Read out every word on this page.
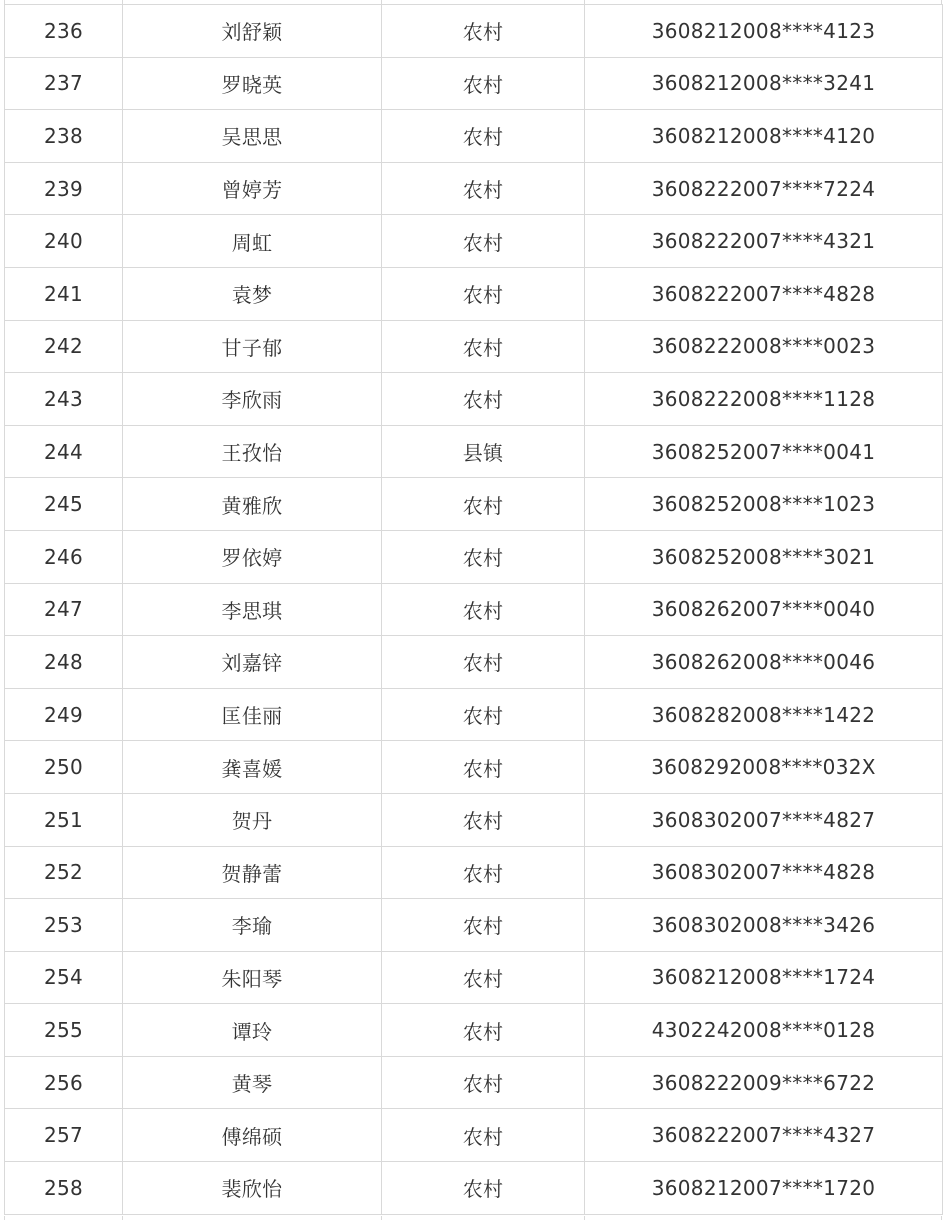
236	刘舒颖	农村	3608212008****4123
237	罗晓英	农村	3608212008****3241
238	吴思思	农村	3608212008****4120
239	曾婷芳	农村	3608222007****7224
240	周虹	农村	3608222007****4321
241	袁梦	农村	3608222007****4828
242	甘子郁	农村	3608222008****0023
243	李欣雨	农村	3608222008****1128
244	王孜怡	县镇	3608252007****0041
245	黄雅欣	农村	3608252008****1023
246	罗依婷	农村	3608252008****3021
247	李思琪	农村	3608262007****0040
248	刘嘉锌	农村	3608262008****0046
249	匡佳丽	农村	3608282008****1422
250	龚喜媛	农村	3608292008****032X
251	贺丹	农村	3608302007****4827
252	贺静蕾	农村	3608302007****4828
253	李瑜	农村	3608302008****3426
254	朱阳琴	农村	3608212008****1724
255	谭玲	农村	4302242008****0128
256	黄琴	农村	3608222009****6722
257	傅绵硕	农村	3608222007****4327
258	裴欣怡	农村	3608212007****1720
